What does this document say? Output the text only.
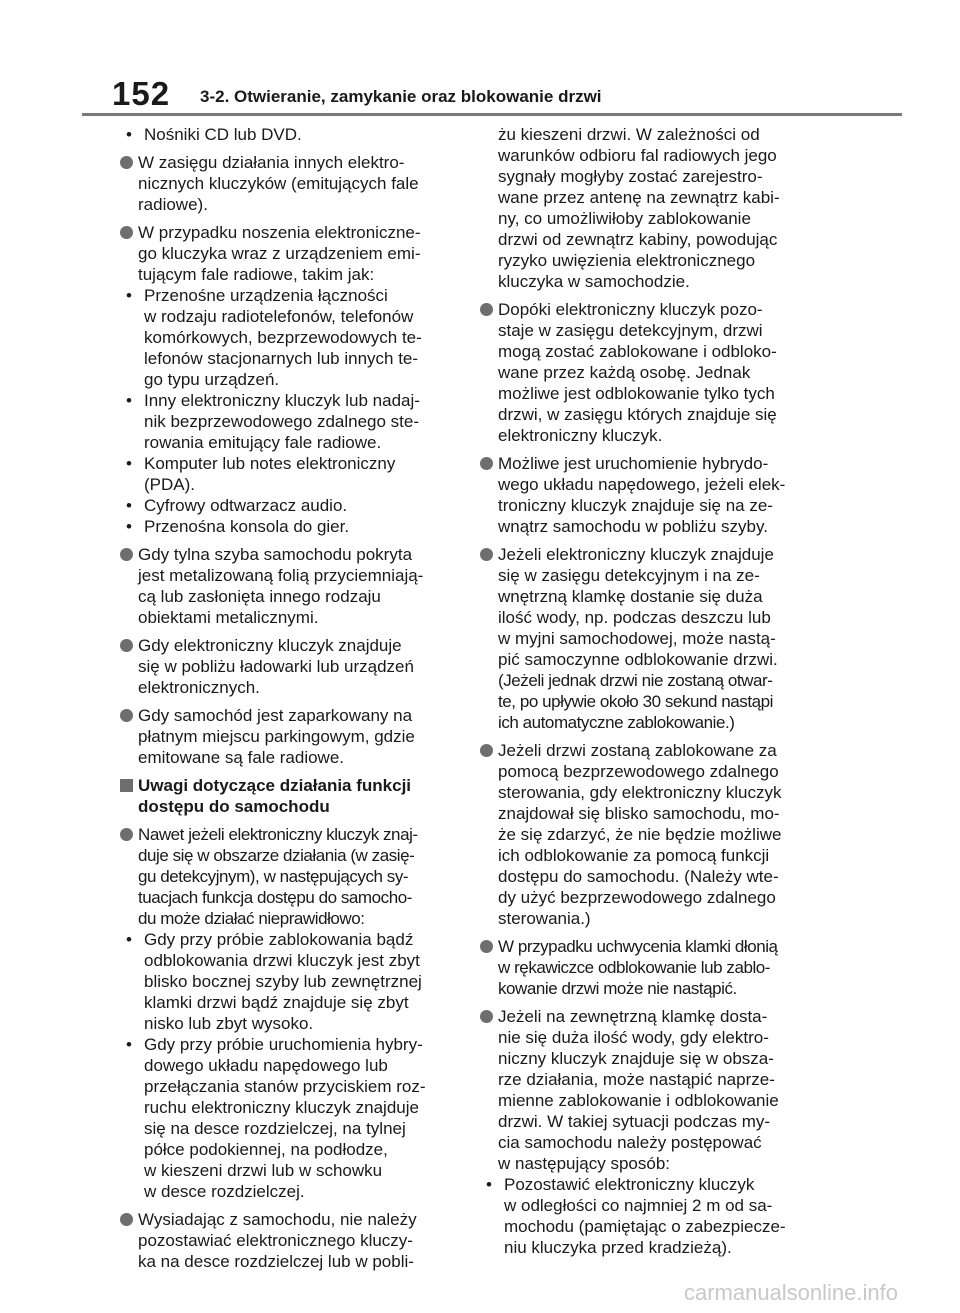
152 3-2. Otwieranie, zamykanie oraz blokowanie drzwi
• Nośniki CD lub DVD.
W zasięgu działania innych elektro-
nicznych kluczyków (emitujących fale
radiowe).
W przypadku noszenia elektroniczne-
go kluczyka wraz z urządzeniem emi-
tującym fale radiowe, takim jak:
• Przenośne urządzenia łączności
w rodzaju radiotelefonów, telefonów
komórkowych, bezprzewodowych te-
lefonów stacjonarnych lub innych te-
go typu urządzeń.
• Inny elektroniczny kluczyk lub nadaj-
nik bezprzewodowego zdalnego ste-
rowania emitujący fale radiowe.
• Komputer lub notes elektroniczny
(PDA).
• Cyfrowy odtwarzacz audio.
• Przenośna konsola do gier.
Gdy tylna szyba samochodu pokryta
jest metalizowaną folią przyciemniają-
cą lub zasłonięta innego rodzaju
obiektami metalicznymi.
Gdy elektroniczny kluczyk znajduje
się w pobliżu ładowarki lub urządzeń
elektronicznych.
Gdy samochód jest zaparkowany na
płatnym miejscu parkingowym, gdzie
emitowane są fale radiowe.
Uwagi dotyczące działania funkcji
dostępu do samochodu
Nawet jeżeli elektroniczny kluczyk znaj-
duje się w obszarze działania (w zasię-
gu detekcyjnym), w następujących sy-
tuacjach funkcja dostępu do samocho-
du może działać nieprawidłowo:
• Gdy przy próbie zablokowania bądź
odblokowania drzwi kluczyk jest zbyt
blisko bocznej szyby lub zewnętrznej
klamki drzwi bądź znajduje się zbyt
nisko lub zbyt wysoko.
• Gdy przy próbie uruchomienia hybry-
dowego układu napędowego lub
przełączania stanów przyciskiem roz-
ruchu elektroniczny kluczyk znajduje
się na desce rozdzielczej, na tylnej
półce podokiennej, na podłodze,
w kieszeni drzwi lub w schowku
w desce rozdzielczej.
Wysiadając z samochodu, nie należy
pozostawiać elektronicznego kluczy-
ka na desce rozdzielczej lub w pobli-
żu kieszeni drzwi. W zależności od
warunków odbioru fal radiowych jego
sygnały mogłyby zostać zarejestro-
wane przez antenę na zewnątrz kabi-
ny, co umożliwiłoby zablokowanie
drzwi od zewnątrz kabiny, powodując
ryzyko uwięzienia elektronicznego
kluczyka w samochodzie.
Dopóki elektroniczny kluczyk pozo-
staje w zasięgu detekcyjnym, drzwi
mogą zostać zablokowane i odbloko-
wane przez każdą osobę. Jednak
możliwe jest odblokowanie tylko tych
drzwi, w zasięgu których znajduje się
elektroniczny kluczyk.
Możliwe jest uruchomienie hybrydo-
wego układu napędowego, jeżeli elek-
troniczny kluczyk znajduje się na ze-
wnątrz samochodu w pobliżu szyby.
Jeżeli elektroniczny kluczyk znajduje
się w zasięgu detekcyjnym i na ze-
wnętrzną klamkę dostanie się duża
ilość wody, np. podczas deszczu lub
w myjni samochodowej, może nastą-
pić samoczynne odblokowanie drzwi.
(Jeżeli jednak drzwi nie zostaną otwar-
te, po upływie około 30 sekund nastąpi
ich automatyczne zablokowanie.)
Jeżeli drzwi zostaną zablokowane za
pomocą bezprzewodowego zdalnego
sterowania, gdy elektroniczny kluczyk
znajdował się blisko samochodu, mo-
że się zdarzyć, że nie będzie możliwe
ich odblokowanie za pomocą funkcji
dostępu do samochodu. (Należy wte-
dy użyć bezprzewodowego zdalnego
sterowania.)
W przypadku uchwycenia klamki dłonią
w rękawiczce odblokowanie lub zablo-
kowanie drzwi może nie nastąpić.
Jeżeli na zewnętrzną klamkę dosta-
nie się duża ilość wody, gdy elektro-
niczny kluczyk znajduje się w obsza-
rze działania, może nastąpić naprze-
mienne zablokowanie i odblokowanie
drzwi. W takiej sytuacji podczas my-
cia samochodu należy postępować
w następujący sposób:
• Pozostawić elektroniczny kluczyk
w odległości co najmniej 2 m od sa-
mochodu (pamiętając o zabezpiecze-
niu kluczyka przed kradzieżą).
carmanualsonline.info
